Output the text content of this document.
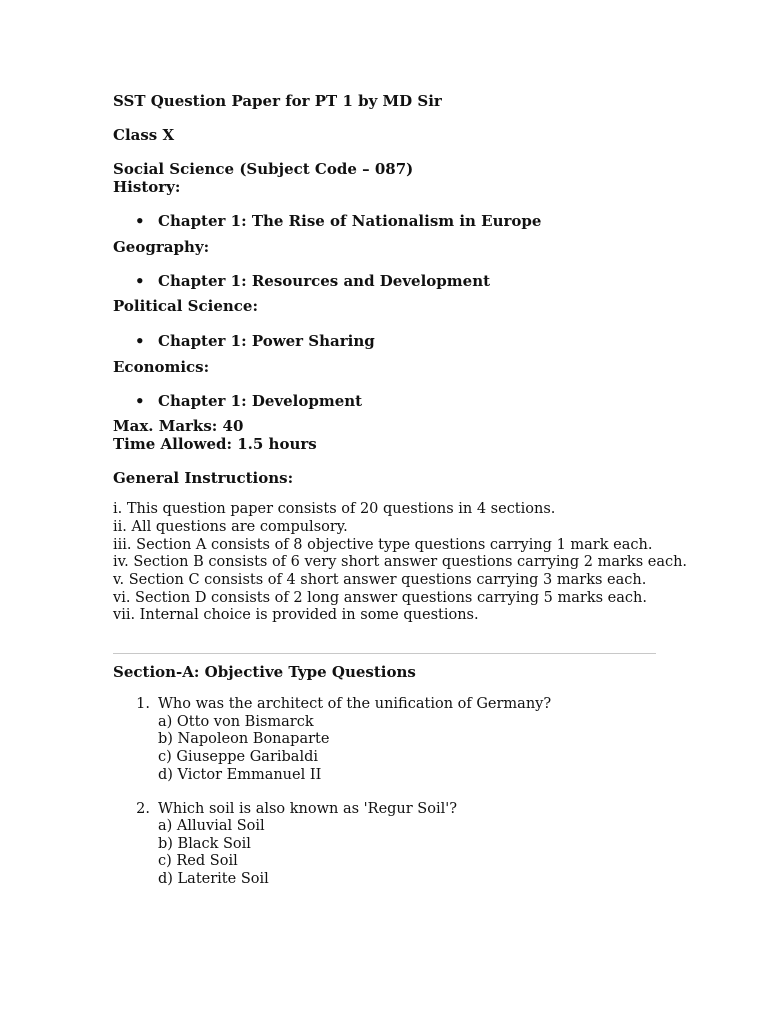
SST Question Paper for PT 1 by MD Sir
Class X
Social Science (Subject Code – 087)
History:
• Chapter 1: The Rise of Nationalism in Europe
Geography:
• Chapter 1: Resources and Development
Political Science:
• Chapter 1: Power Sharing
Economics:
• Chapter 1: Development
Max. Marks: 40
Time Allowed: 1.5 hours
General Instructions:
i. This question paper consists of 20 questions in 4 sections.
ii. All questions are compulsory.
iii. Section A consists of 8 objective type questions carrying 1 mark each.
iv. Section B consists of 6 very short answer questions carrying 2 marks each.
v. Section C consists of 4 short answer questions carrying 3 marks each.
vi. Section D consists of 2 long answer questions carrying 5 marks each.
vii. Internal choice is provided in some questions.
Section-A: Objective Type Questions
1. Who was the architect of the unification of Germany?
a) Otto von Bismarck
b) Napoleon Bonaparte
c) Giuseppe Garibaldi
d) Victor Emmanuel II
2. Which soil is also known as 'Regur Soil'?
a) Alluvial Soil
b) Black Soil
c) Red Soil
d) Laterite Soil
